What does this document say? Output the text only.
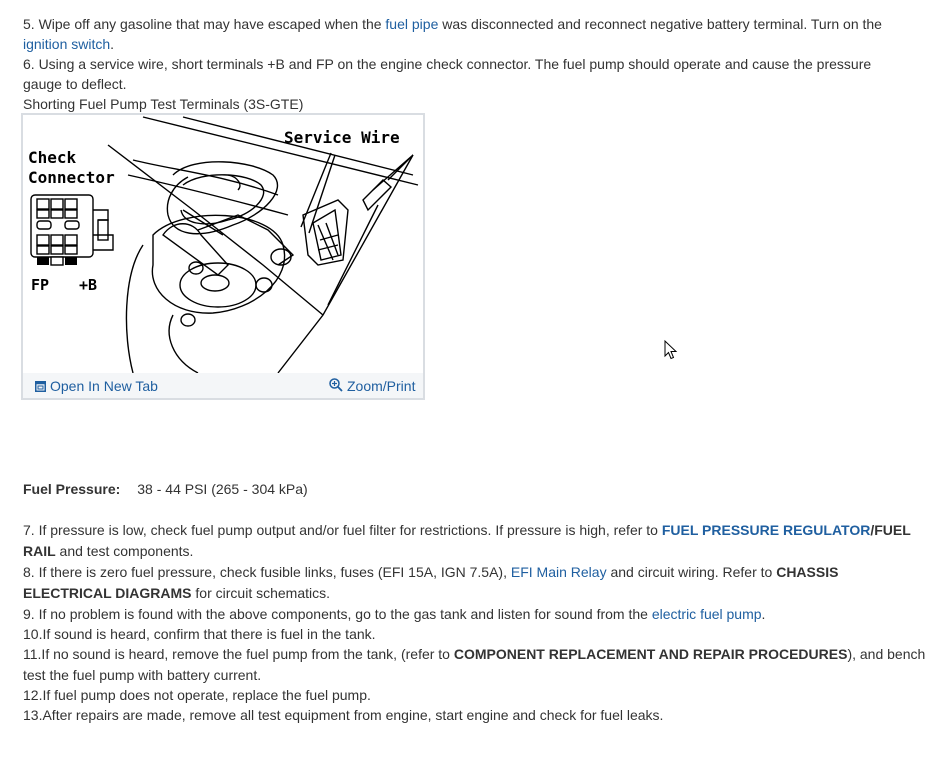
5. Wipe off any gasoline that may have escaped when the fuel pipe was disconnected and reconnect negative battery terminal. Turn on the
ignition switch.
6. Using a service wire, short terminals +B and FP on the engine check connector. The fuel pump should operate and cause the pressure
gauge to deflect.
Shorting Fuel Pump Test Terminals (3S-GTE)
Service Wire
Check
Connector
FP +B
Open In New Tab	Zoom/Print
Fuel Pressure: 38 - 44 PSI (265 - 304 kPa)
7. If pressure is low, check fuel pump output and/or fuel filter for restrictions. If pressure is high, refer to FUEL PRESSURE REGULATOR/FUEL
RAIL and test components.
8. If there is zero fuel pressure, check fusible links, fuses (EFI 15A, IGN 7.5A), EFI Main Relay and circuit wiring. Refer to CHASSIS
ELECTRICAL DIAGRAMS for circuit schematics.
9. If no problem is found with the above components, go to the gas tank and listen for sound from the electric fuel pump.
10.If sound is heard, confirm that there is fuel in the tank.
11.If no sound is heard, remove the fuel pump from the tank, (refer to COMPONENT REPLACEMENT AND REPAIR PROCEDURES), and bench
test the fuel pump with battery current.
12.If fuel pump does not operate, replace the fuel pump.
13.After repairs are made, remove all test equipment from engine, start engine and check for fuel leaks.
